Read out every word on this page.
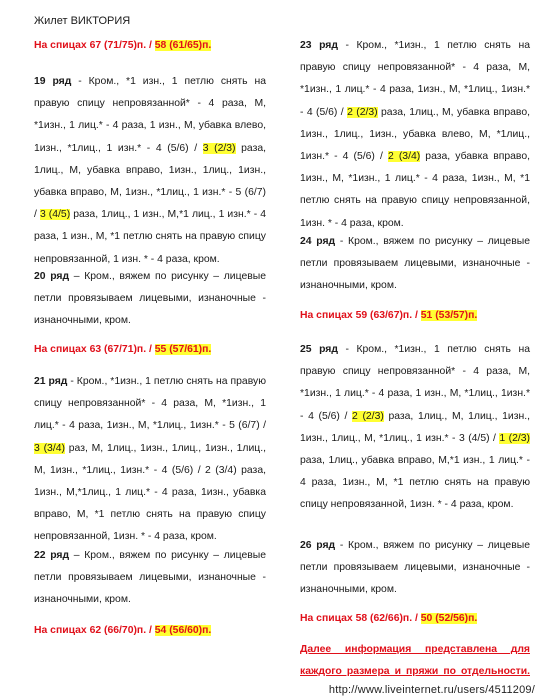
Жилет ВИКТОРИЯ
На спицах 67 (71/75)п. / 58 (61/65)п.
19 ряд - Кром., *1 изн., 1 петлю снять на правую спицу непровязанной* - 4 раза, М, *1изн., 1 лиц.* - 4 раза, 1 изн., М, убавка влево, 1изн., *1лиц., 1 изн.* - 4 (5/6) / 3 (2/3) раза, 1лиц., М, убавка вправо, 1изн., 1лиц., 1изн., убавка вправо, М, 1изн., *1лиц., 1 изн.* - 5 (6/7) / 3 (4/5) раза, 1лиц., 1 изн., М,*1 лиц., 1 изн.* - 4 раза, 1 изн., М, *1 петлю снять на правую спицу непровязанной, 1 изн. * - 4 раза, кром.
20 ряд – Кром., вяжем по рисунку – лицевые петли провязываем лицевыми, изнаночные - изнаночными, кром.
На спицах 63 (67/71)п. / 55 (57/61)п.
21 ряд - Кром., *1изн., 1 петлю снять на правую спицу непровязанной* - 4 раза, М, *1изн., 1 лиц.* - 4 раза, 1изн., М, *1лиц., 1изн.* - 5 (6/7) / 3 (3/4) раз, М, 1лиц., 1изн., 1лиц., 1изн., 1лиц., М, 1изн., *1лиц., 1изн.* - 4 (5/6) / 2 (3/4) раза, 1изн., М,*1лиц., 1 лиц.* - 4 раза, 1изн., убавка вправо, М, *1 петлю снять на правую спицу непровязанной, 1изн. * - 4 раза, кром.
22 ряд – Кром., вяжем по рисунку – лицевые петли провязываем лицевыми, изнаночные - изнаночными, кром.
На спицах 62 (66/70)п. / 54 (56/60)п.
23 ряд - Кром., *1изн., 1 петлю снять на правую спицу непровязанной* - 4 раза, М, *1изн., 1 лиц.* - 4 раза, 1изн., М, *1лиц., 1изн.* - 4 (5/6) / 2 (2/3) раза, 1лиц., М, убавка вправо, 1изн., 1лиц., 1изн., убавка влево, М, *1лиц., 1изн.* - 4 (5/6) / 2 (3/4) раза, убавка вправо, 1изн., М, *1изн., 1 лиц.* - 4 раза, 1изн., М, *1 петлю снять на правую спицу непровязанной, 1изн. * - 4 раза, кром.
24 ряд - Кром., вяжем по рисунку – лицевые петли провязываем лицевыми, изнаночные - изнаночными, кром.
На спицах 59 (63/67)п. / 51 (53/57)п.
25 ряд - Кром., *1изн., 1 петлю снять на правую спицу непровязанной* - 4 раза, М, *1изн., 1 лиц.* - 4 раза, 1 изн., М, *1лиц., 1изн.* - 4 (5/6) / 2 (2/3) раза, 1лиц., М, 1лиц., 1изн., 1изн., 1лиц., М, *1лиц., 1 изн.* - 3 (4/5) / 1 (2/3) раза, 1лиц., убавка вправо, М,*1 изн., 1 лиц.* - 4 раза, 1изн., М, *1 петлю снять на правую спицу непровязанной, 1изн. * - 4 раза, кром.
26 ряд - Кром., вяжем по рисунку – лицевые петли провязываем лицевыми, изнаночные - изнаночными, кром.
На спицах 58 (62/66)п. / 50 (52/56)п.
Далее информация представлена для каждого размера и пряжи по отдельности.
http://www.liveinternet.ru/users/4511209/
